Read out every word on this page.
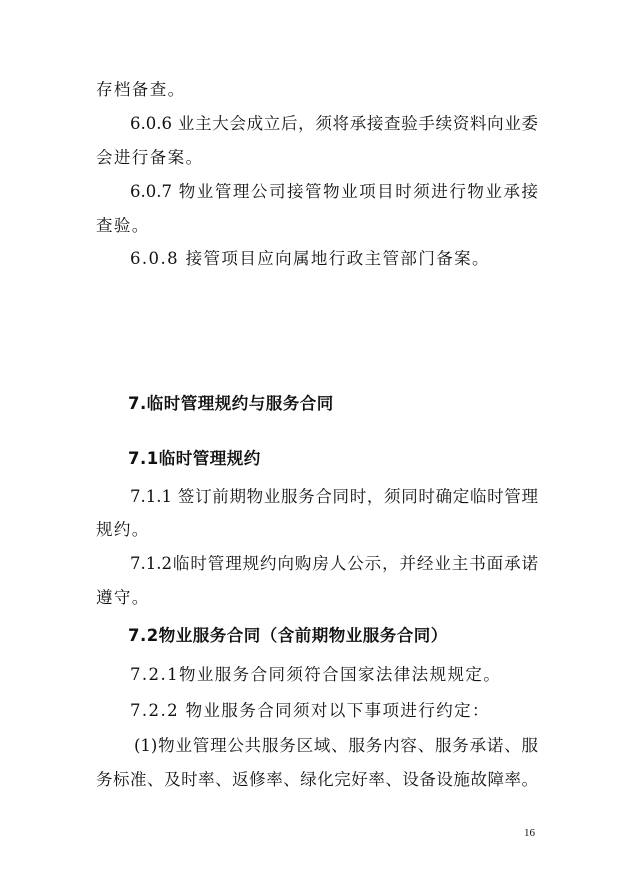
存档备查。
6.0.6 业主大会成立后，须将承接查验手续资料向业委
会进行备案。
6.0.7 物业管理公司接管物业项目时须进行物业承接
查验。
6.0.8 接管项目应向属地行政主管部门备案。
7.临时管理规约与服务合同
7.1临时管理规约
7.1.1 签订前期物业服务合同时，须同时确定临时管理
规约。
7.1.2临时管理规约向购房人公示，并经业主书面承诺
遵守。
7.2物业服务合同（含前期物业服务合同）
7.2.1物业服务合同须符合国家法律法规规定。
7.2.2 物业服务合同须对以下事项进行约定：
(1)物业管理公共服务区域、服务内容、服务承诺、服
务标准、及时率、返修率、绿化完好率、设备设施故障率。
16
